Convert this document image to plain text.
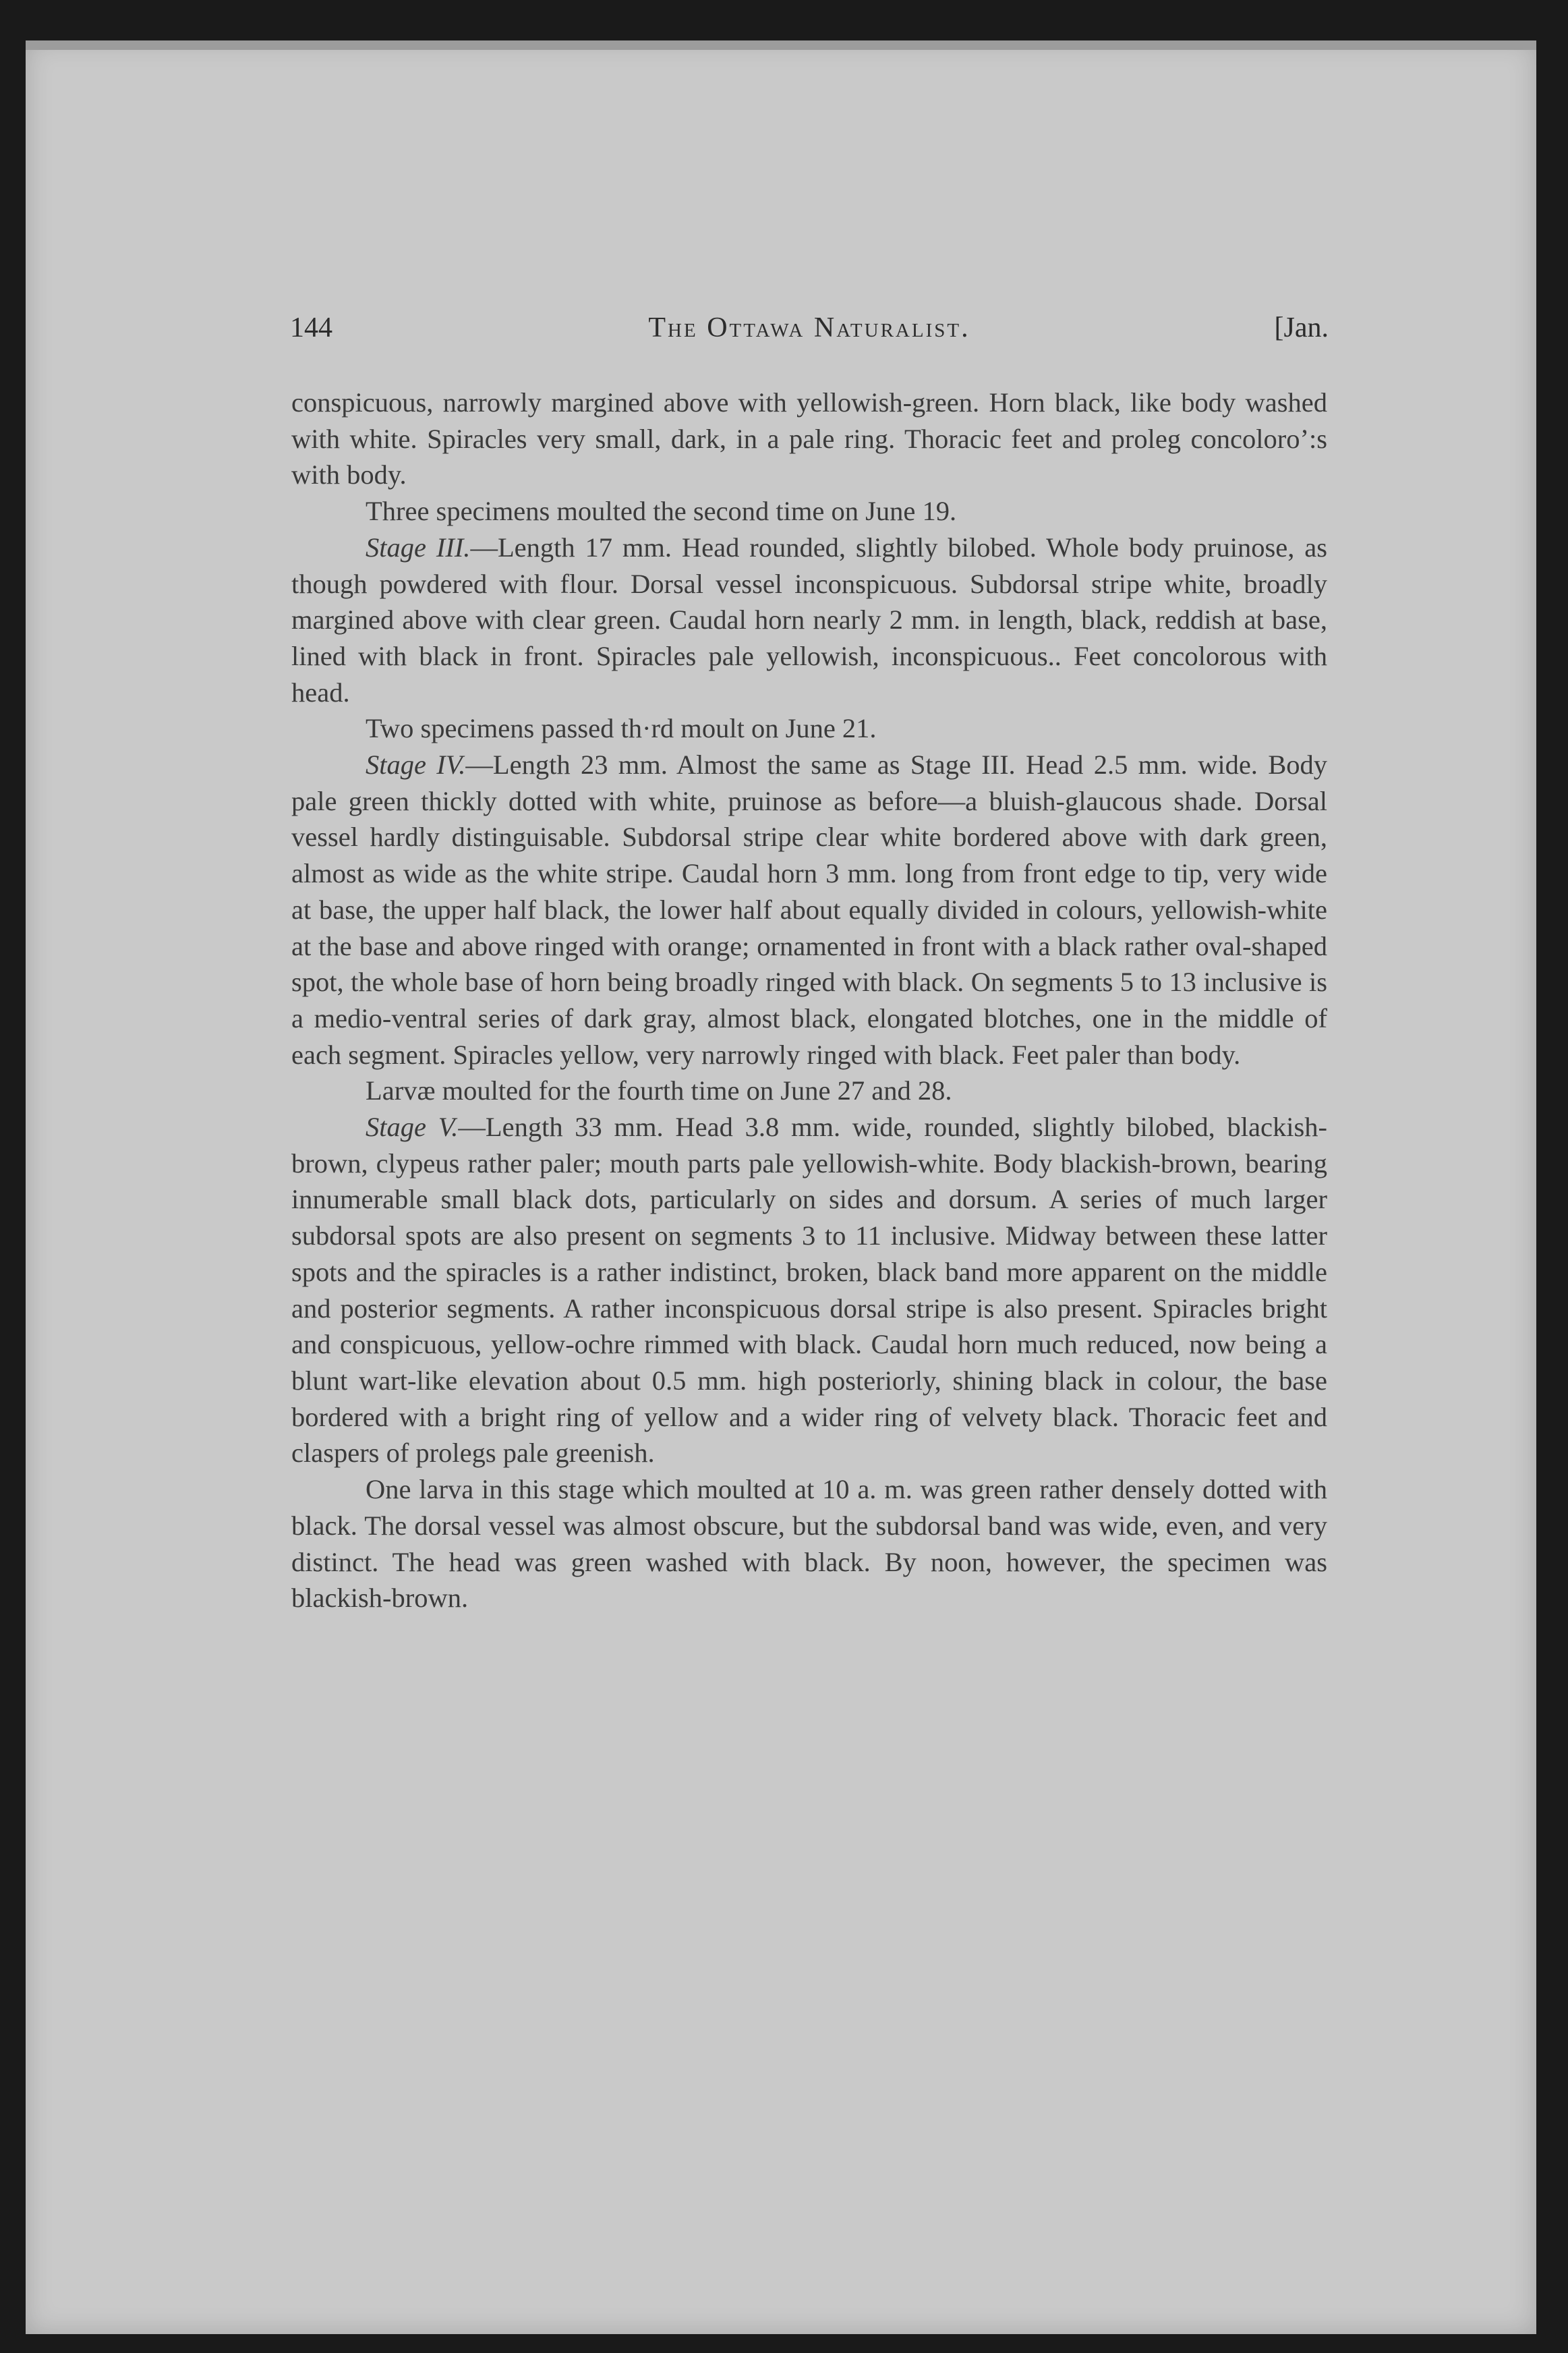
144	The Ottawa Naturalist.	[Jan.

conspicuous, narrowly margined above with yellowish-green. Horn black, like body washed with white. Spiracles very small, dark, in a pale ring. Thoracic feet and proleg concoloro’:s with body.

Three specimens moulted the second time on June 19.

Stage III.—Length 17 mm. Head rounded, slightly bilobed. Whole body pruinose, as though powdered with flour. Dorsal vessel inconspicuous. Subdorsal stripe white, broadly margined above with clear green. Caudal horn nearly 2 mm. in length, black, reddish at base, lined with black in front. Spiracles pale yellowish, inconspicuous.. Feet concolorous with head.

Two specimens passed th·rd moult on June 21.

Stage IV.—Length 23 mm. Almost the same as Stage III. Head 2.5 mm. wide. Body pale green thickly dotted with white, pruinose as before—a bluish-glaucous shade. Dorsal vessel hardly distinguisable. Subdorsal stripe clear white bordered above with dark green, almost as wide as the white stripe. Caudal horn 3 mm. long from front edge to tip, very wide at base, the upper half black, the lower half about equally divided in colours, yellowish-white at the base and above ringed with orange; ornamented in front with a black rather oval-shaped spot, the whole base of horn being broadly ringed with black. On segments 5 to 13 inclusive is a medio-ventral series of dark gray, almost black, elongated blotches, one in the middle of each segment. Spiracles yellow, very narrowly ringed with black. Feet paler than body.

Larvæ moulted for the fourth time on June 27 and 28.

Stage V.—Length 33 mm. Head 3.8 mm. wide, rounded, slightly bilobed, blackish-brown, clypeus rather paler; mouth parts pale yellowish-white. Body blackish-brown, bearing innumerable small black dots, particularly on sides and dorsum. A series of much larger subdorsal spots are also present on segments 3 to 11 inclusive. Midway between these latter spots and the spiracles is a rather indistinct, broken, black band more apparent on the middle and posterior segments. A rather inconspicuous dorsal stripe is also present. Spiracles bright and conspicuous, yellow-ochre rimmed with black. Caudal horn much reduced, now being a blunt wart-like elevation about 0.5 mm. high posteriorly, shining black in colour, the base bordered with a bright ring of yellow and a wider ring of velvety black. Thoracic feet and claspers of prolegs pale greenish.

One larva in this stage which moulted at 10 a. m. was green rather densely dotted with black. The dorsal vessel was almost obscure, but the subdorsal band was wide, even, and very distinct. The head was green washed with black. By noon, however, the specimen was blackish-brown.
